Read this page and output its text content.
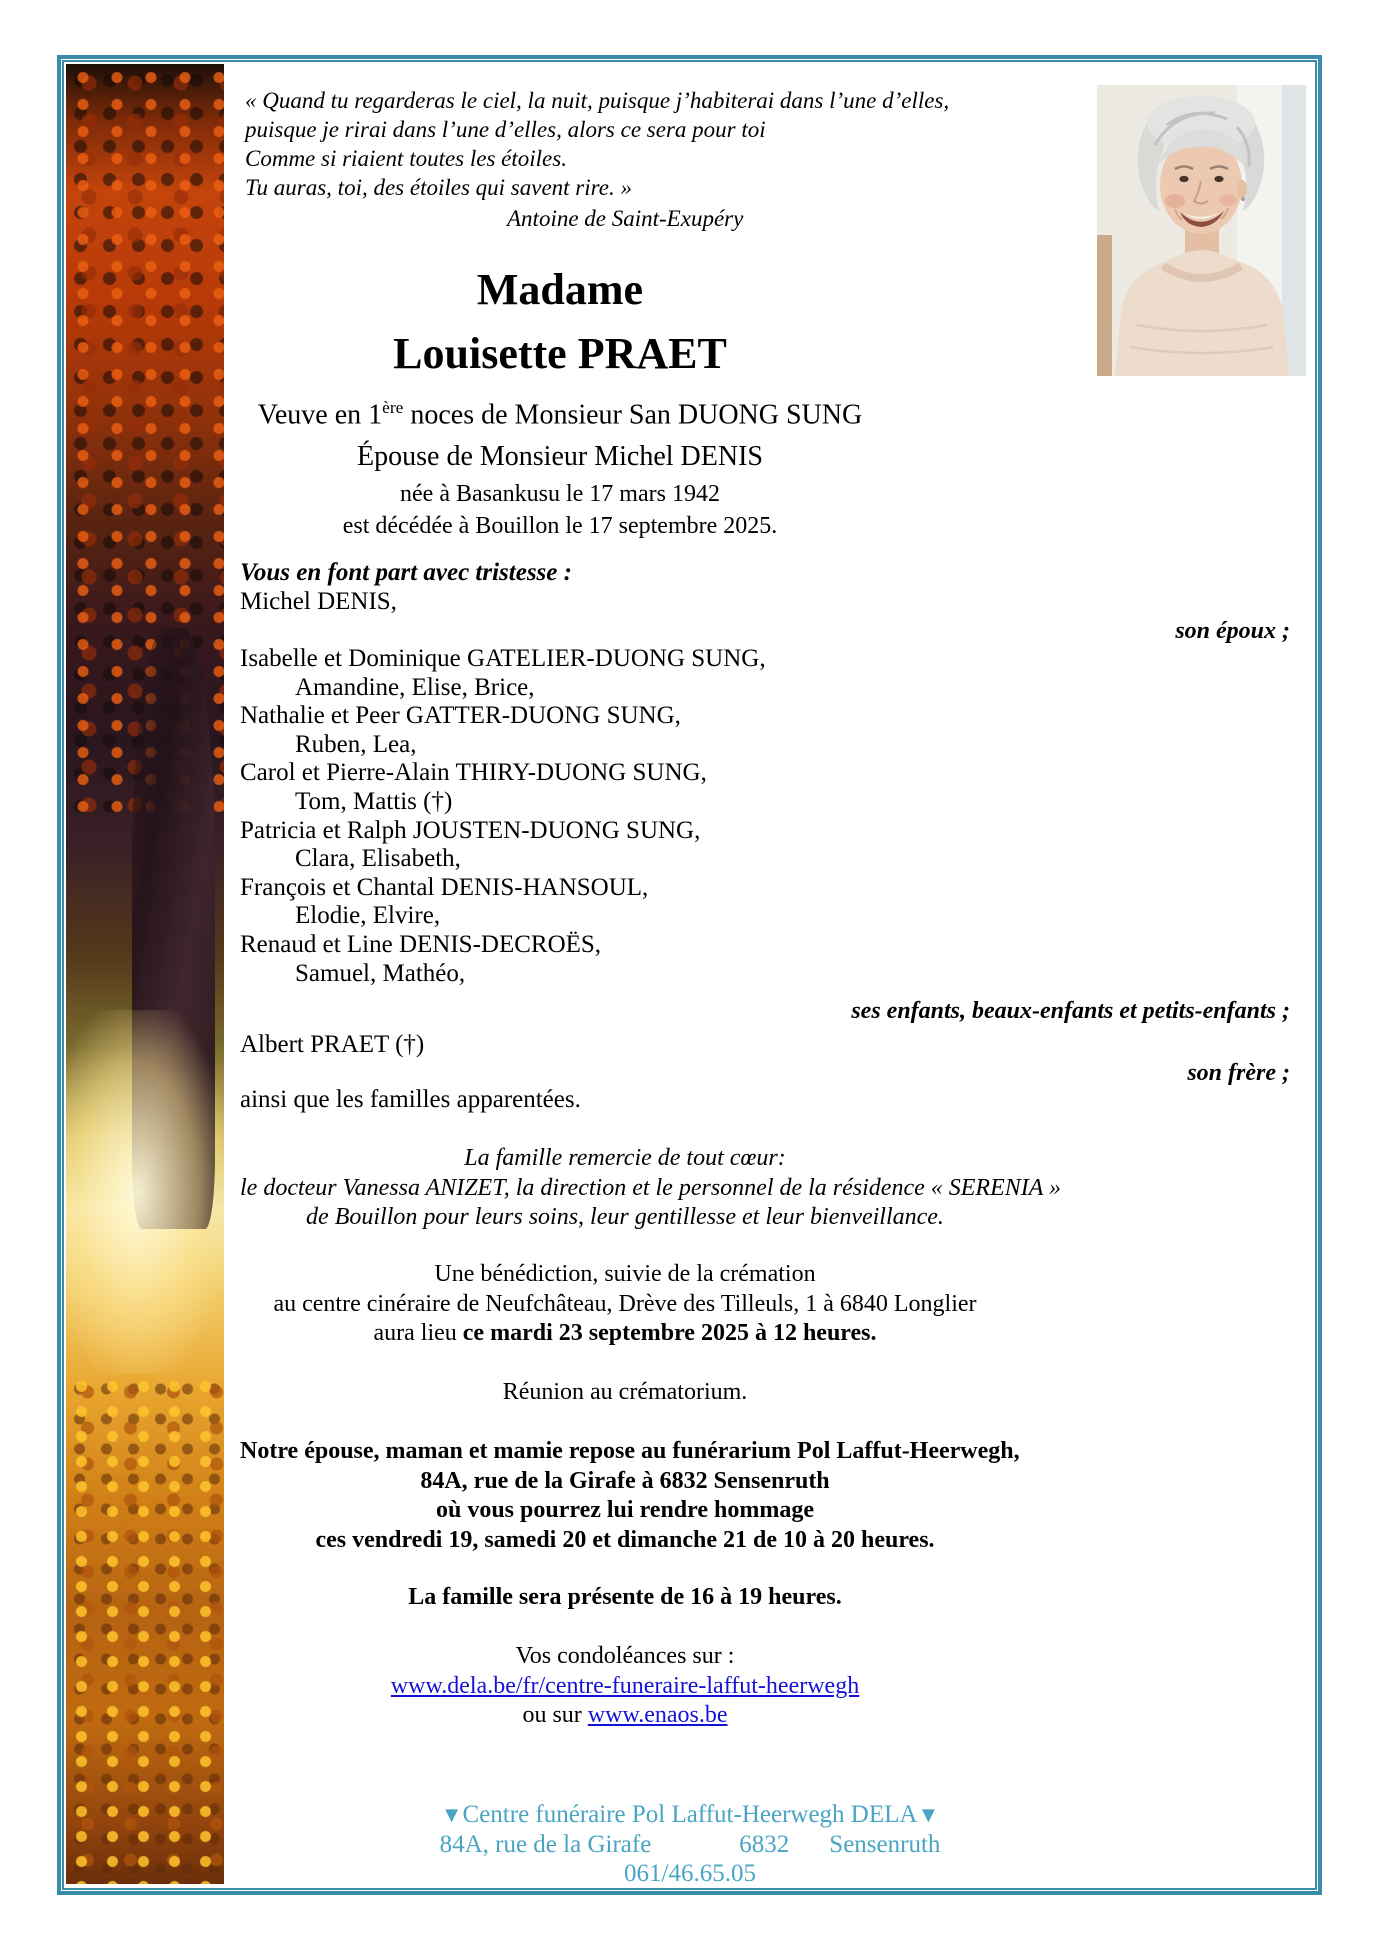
« Quand tu regarderas le ciel, la nuit, puisque j’habiterai dans l’une d’elles,
puisque je rirai dans l’une d’elles, alors ce sera pour toi
Comme si riaient toutes les étoiles.
Tu auras, toi, des étoiles qui savent rire. »
Antoine de Saint-Exupéry
Madame
Louisette PRAET
Veuve en 1ère noces de Monsieur San DUONG SUNG
Épouse de Monsieur Michel DENIS
née à Basankusu le 17 mars 1942
est décédée à Bouillon le 17 septembre 2025.
Vous en font part avec tristesse :
Michel DENIS,
son époux ;
Isabelle et Dominique GATELIER-DUONG SUNG,
Amandine, Elise, Brice,
Nathalie et Peer GATTER-DUONG SUNG,
Ruben, Lea,
Carol et Pierre-Alain THIRY-DUONG SUNG,
Tom, Mattis (†)
Patricia et Ralph JOUSTEN-DUONG SUNG,
Clara, Elisabeth,
François et Chantal DENIS-HANSOUL,
Elodie, Elvire,
Renaud et Line DENIS-DECROËS,
Samuel, Mathéo,
ses enfants, beaux-enfants et petits-enfants ;
Albert PRAET (†)
son frère ;
ainsi que les familles apparentées.
La famille remercie de tout cœur:
le docteur Vanessa ANIZET, la direction et le personnel de la résidence « SERENIA »
de Bouillon pour leurs soins, leur gentillesse et leur bienveillance.
Une bénédiction, suivie de la crémation
au centre cinéraire de Neufchâteau, Drève des Tilleuls, 1 à 6840 Longlier
aura lieu ce mardi 23 septembre 2025 à 12 heures.
Réunion au crématorium.
Notre épouse, maman et mamie repose au funérarium Pol Laffut-Heerwegh,
84A, rue de la Girafe à 6832 Sensenruth
où vous pourrez lui rendre hommage
ces vendredi 19, samedi 20 et dimanche 21 de 10 à 20 heures.
La famille sera présente de 16 à 19 heures.
Vos condoléances sur :
www.dela.be/fr/centre-funeraire-laffut-heerwegh
ou sur www.enaos.be
▼Centre funéraire Pol Laffut-Heerwegh DELA▼
84A, rue de la Girafe	6832 Sensenruth
061/46.65.05
